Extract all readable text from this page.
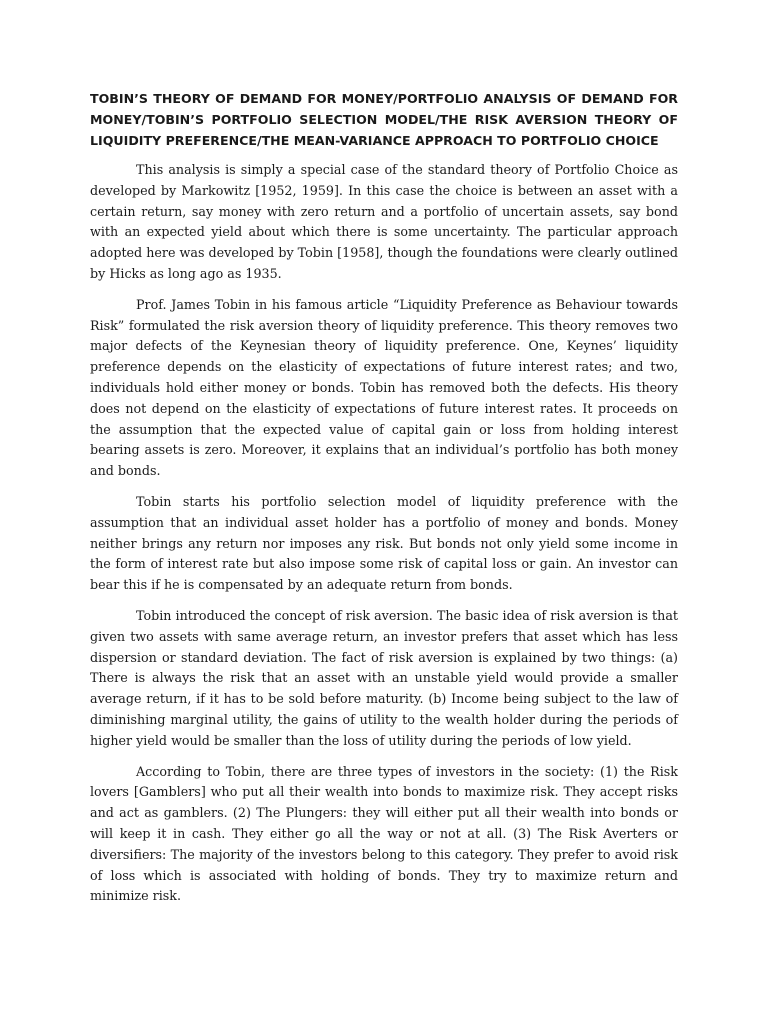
TOBIN’S THEORY OF DEMAND FOR MONEY/PORTFOLIO ANALYSIS OF DEMAND FOR MONEY/TOBIN’S PORTFOLIO SELECTION MODEL/THE RISK AVERSION THEORY OF LIQUIDITY PREFERENCE/THE MEAN-VARIANCE APPROACH TO PORTFOLIO CHOICE

This analysis is simply a special case of the standard theory of Portfolio Choice as developed by Markowitz [1952, 1959]. In this case the choice is between an asset with a certain return, say money with zero return and a portfolio of uncertain assets, say bond with an expected yield about which there is some uncertainty. The particular approach adopted here was developed by Tobin [1958], though the foundations were clearly outlined by Hicks as long ago as 1935.

Prof. James Tobin in his famous article “Liquidity Preference as Behaviour towards Risk” formulated the risk aversion theory of liquidity preference. This theory removes two major defects of the Keynesian theory of liquidity preference. One, Keynes’ liquidity preference depends on the elasticity of expectations of future interest rates; and two, individuals hold either money or bonds. Tobin has removed both the defects. His theory does not depend on the elasticity of expectations of future interest rates. It proceeds on the assumption that the expected value of capital gain or loss from holding interest bearing assets is zero. Moreover, it explains that an individual’s portfolio has both money and bonds.

Tobin starts his portfolio selection model of liquidity preference with the assumption that an individual asset holder has a portfolio of money and bonds. Money neither brings any return nor imposes any risk. But bonds not only yield some income in the form of interest rate but also impose some risk of capital loss or gain. An investor can bear this if he is compensated by an adequate return from bonds.

Tobin introduced the concept of risk aversion. The basic idea of risk aversion is that given two assets with same average return, an investor prefers that asset which has less dispersion or standard deviation. The fact of risk aversion is explained by two things: (a) There is always the risk that an asset with an unstable yield would provide a smaller average return, if it has to be sold before maturity. (b) Income being subject to the law of diminishing marginal utility, the gains of utility to the wealth holder during the periods of higher yield would be smaller than the loss of utility during the periods of low yield.

According to Tobin, there are three types of investors in the society: (1) the Risk lovers [Gamblers] who put all their wealth into bonds to maximize risk. They accept risks and act as gamblers. (2) The Plungers: they will either put all their wealth into bonds or will keep it in cash. They either go all the way or not at all. (3) The Risk Averters or diversifiers: The majority of the investors belong to this category. They prefer to avoid risk of loss which is associated with holding of bonds. They try to maximize return and minimize risk.
